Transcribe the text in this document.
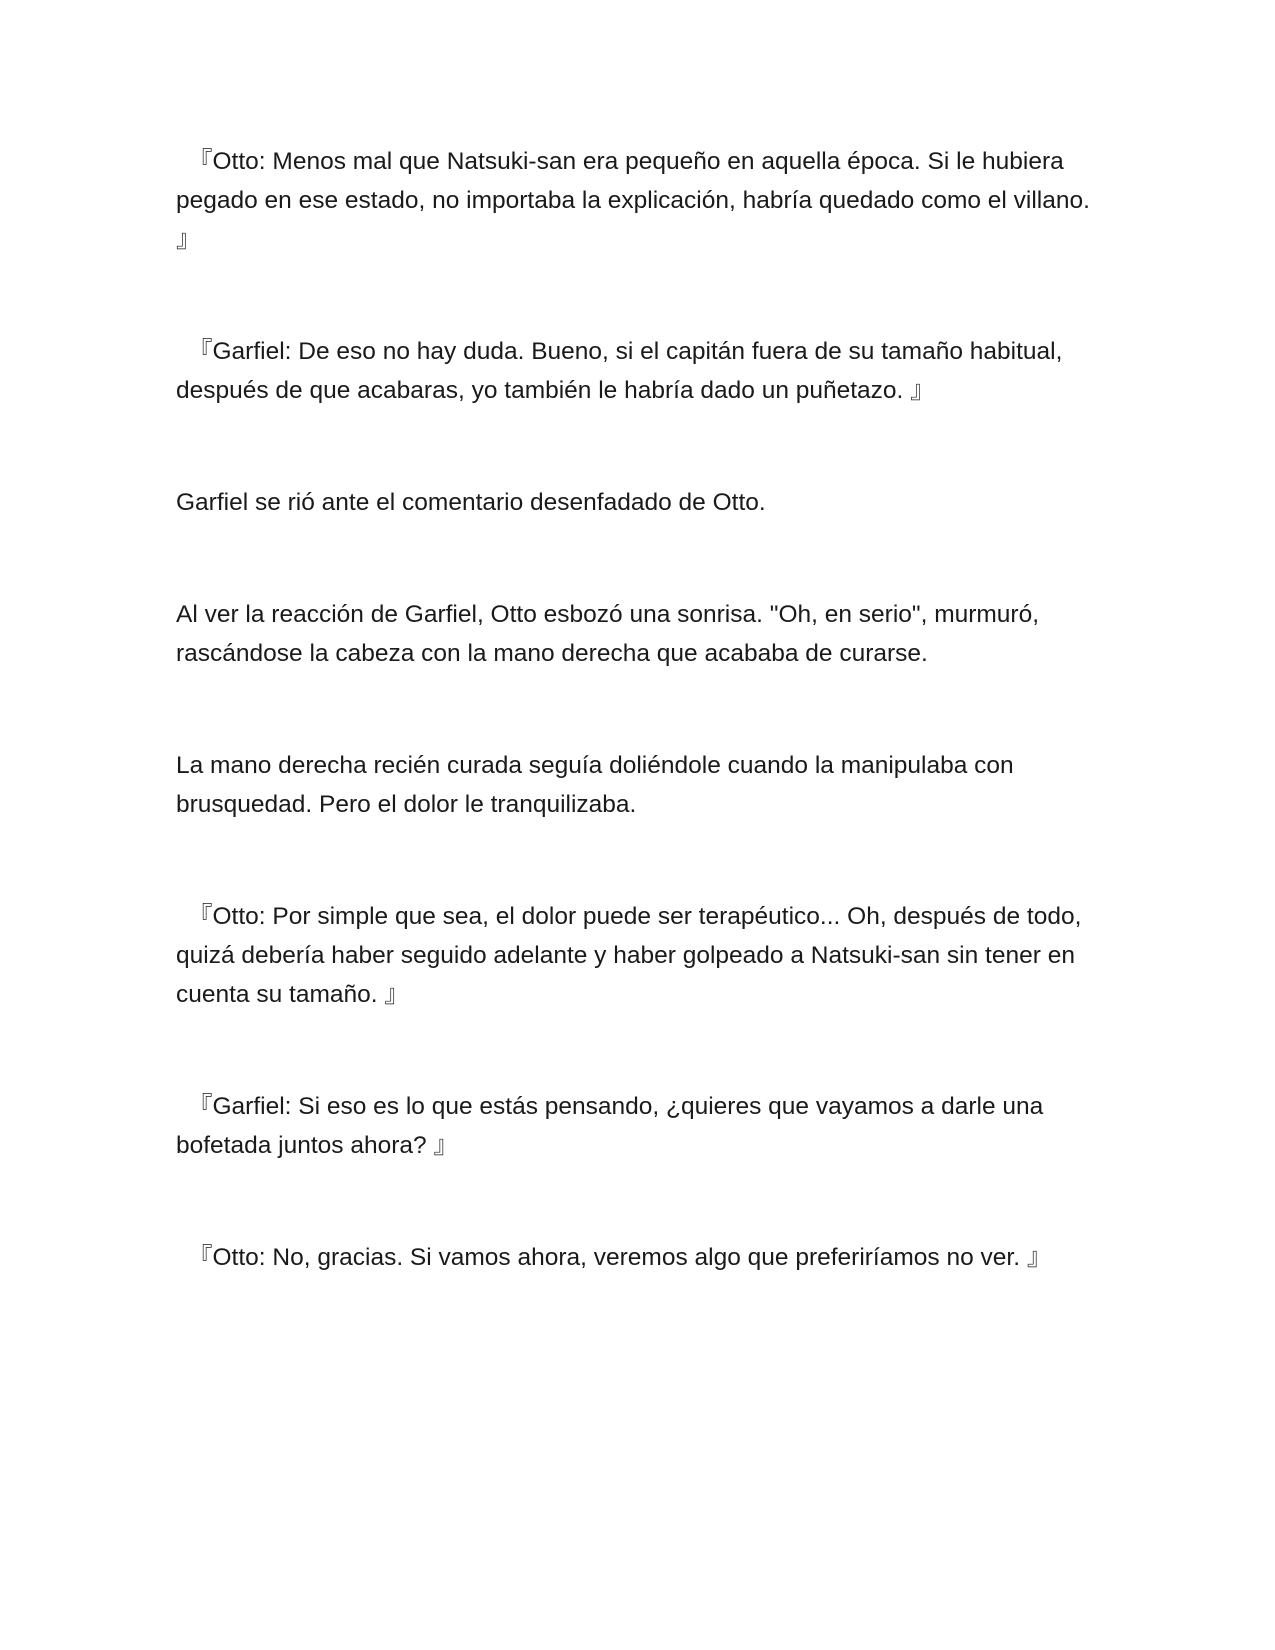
『Otto: Menos mal que Natsuki-san era pequeño en aquella época. Si le hubiera pegado en ese estado, no importaba la explicación, habría quedado como el villano. 』

『Garfiel: De eso no hay duda. Bueno, si el capitán fuera de su tamaño habitual, después de que acabaras, yo también le habría dado un puñetazo. 』

Garfiel se rió ante el comentario desenfadado de Otto.

Al ver la reacción de Garfiel, Otto esbozó una sonrisa. "Oh, en serio", murmuró, rascándose la cabeza con la mano derecha que acababa de curarse.

La mano derecha recién curada seguía doliéndole cuando la manipulaba con brusquedad. Pero el dolor le tranquilizaba.

『Otto: Por simple que sea, el dolor puede ser terapéutico... Oh, después de todo, quizá debería haber seguido adelante y haber golpeado a Natsuki-san sin tener en cuenta su tamaño. 』

『Garfiel: Si eso es lo que estás pensando, ¿quieres que vayamos a darle una bofetada juntos ahora? 』

『Otto: No, gracias. Si vamos ahora, veremos algo que preferiríamos no ver. 』
